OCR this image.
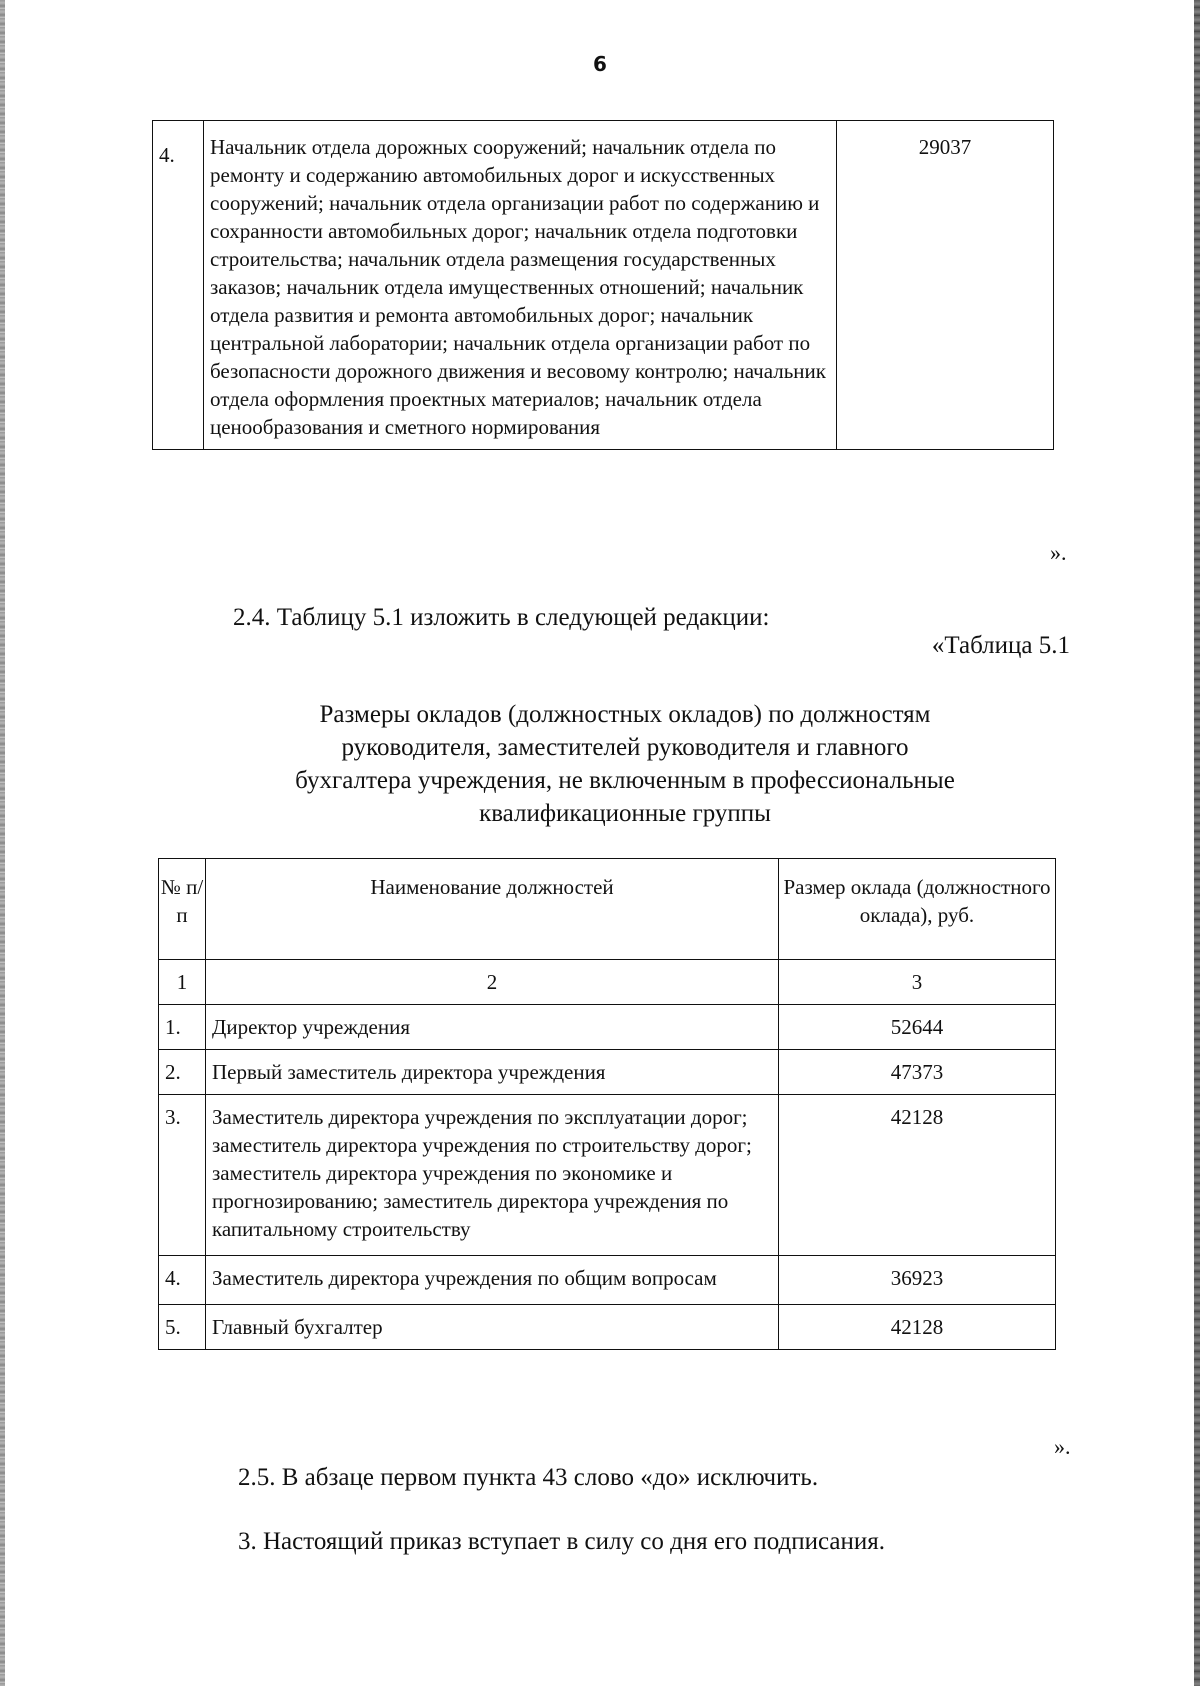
6
4.	Начальник отдела дорожных сооружений; начальник отдела по ремонту и содержанию автомобильных дорог и искусственных сооружений; начальник отдела организации работ по содержанию и сохранности автомобильных дорог; начальник отдела подготовки строительства; начальник отдела размещения государственных заказов; начальник отдела имущественных отношений; начальник отдела развития и ремонта автомобильных дорог; начальник центральной лаборатории; начальник отдела организации работ по безопасности дорожного движения и весовому контролю; начальник отдела оформления проектных материалов; начальник отдела ценообразования и сметного нормирования	29037
».

2.4. Таблицу 5.1 изложить в следующей редакции:

«Таблица 5.1
Размеры окладов (должностных окладов) по должностям
руководителя, заместителей руководителя и главного
бухгалтера учреждения, не включенным в профессиональные
квалификационные группы
№ п/п	Наименование должностей	Размер оклада (должностного оклада), руб.
1	2	3
1.	Директор учреждения	52644
2.	Первый заместитель директора учреждения	47373
3.	Заместитель директора учреждения по эксплуатации дорог; заместитель директора учреждения по строительству дорог; заместитель директора учреждения по экономике и прогнозированию; заместитель директора учреждения по капитальному строительству	42128
4.	Заместитель директора учреждения по общим вопросам	36923
5.	Главный бухгалтер	42128
».

2.5. В абзаце первом пункта 43 слово «до» исключить.

3. Настоящий приказ вступает в силу со дня его подписания.
